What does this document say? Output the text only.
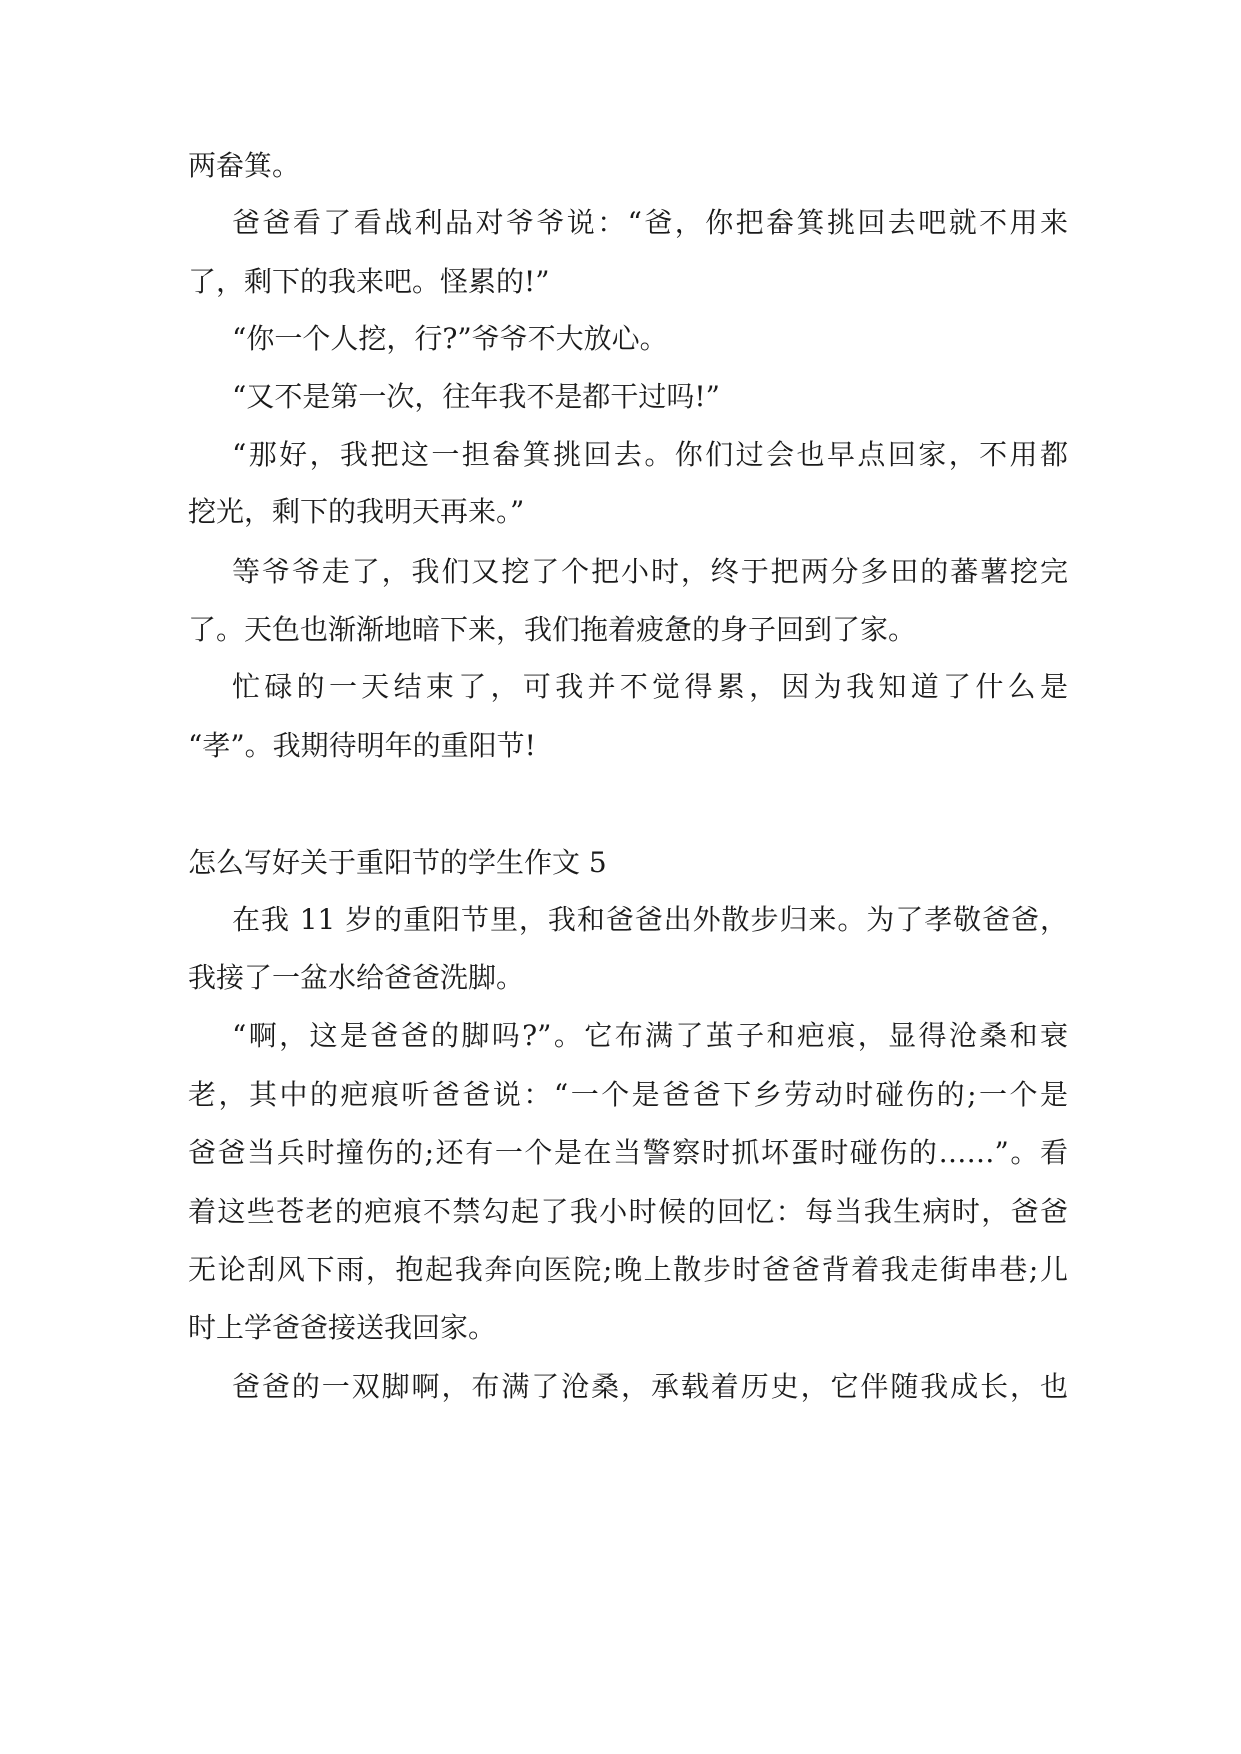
两畚箕。
爸爸看了看战利品对爷爷说：“爸，你把畚箕挑回去吧就不用来
了，剩下的我来吧。怪累的!”
“你一个人挖，行?”爷爷不大放心。
“又不是第一次，往年我不是都干过吗!”
“那好，我把这一担畚箕挑回去。你们过会也早点回家，不用都
挖光，剩下的我明天再来。”
等爷爷走了，我们又挖了个把小时，终于把两分多田的蕃薯挖完
了。天色也渐渐地暗下来，我们拖着疲惫的身子回到了家。
忙碌的一天结束了，可我并不觉得累，因为我知道了什么是
“孝”。我期待明年的重阳节!
怎么写好关于重阳节的学生作文 5
在我 11 岁的重阳节里，我和爸爸出外散步归来。为了孝敬爸爸，
我接了一盆水给爸爸洗脚。
“啊，这是爸爸的脚吗?”。它布满了茧子和疤痕，显得沧桑和衰
老，其中的疤痕听爸爸说：“一个是爸爸下乡劳动时碰伤的;一个是
爸爸当兵时撞伤的;还有一个是在当警察时抓坏蛋时碰伤的……”。看
着这些苍老的疤痕不禁勾起了我小时候的回忆：每当我生病时，爸爸
无论刮风下雨，抱起我奔向医院;晚上散步时爸爸背着我走街串巷;儿
时上学爸爸接送我回家。
爸爸的一双脚啊，布满了沧桑，承载着历史，它伴随我成长，也
